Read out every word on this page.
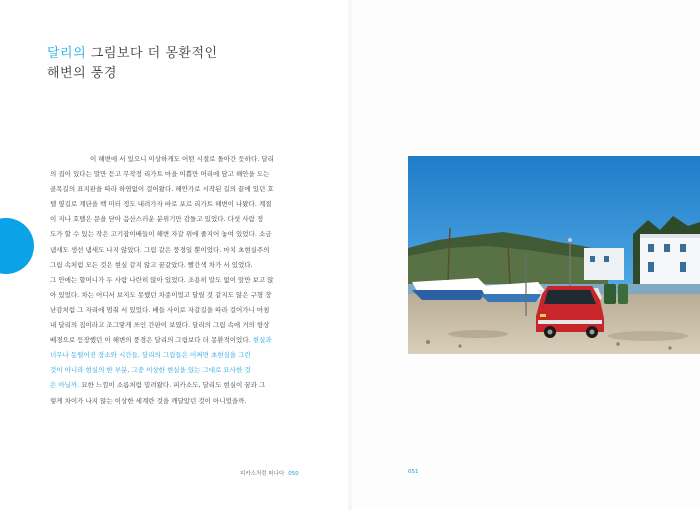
달리의 그림보다 더 몽환적인
해변의 풍경
이 해변에 서 있으니 이상하게도 어떤 시절로 돌아간 듯하다. 달리
의 집이 있다는 말만 듣고 무작정 리가트 마을 이쁨만 머리에 담고 해안을 도는
골목길의 표지판을 따라 하염없이 걸어왔다. 해안가로 시작된 길의 끝에 있던 호
텔 옆길로 계단을 백 미터 정도 내려가자 바로 포르 리가트 해변이 나왔다. 계절
이 지나 호텔은 문을 닫아 음산스러운 분위기만 감돌고 있었다. 다섯 사람 정
도가 할 수 있는 작은 고기잡이배들이 해변 자갈 위에 줄지어 놓여 있었다. 소금
냄새도 생선 냄새도 나지 않았다. 그림 같은 풍경일 뿐이었다. 마치 초현실주의
그림 속처럼 모든 것은 현실 같지 않고 꿈같았다. 빨간색 차가 서 있었다.
그 안에는 할머니가 두 사람 나란히 앉아 있었다. 조용히 말도 없이 앞만 보고 앉
아 있었다. 차는 어디서 보지도 못했던 차종이었고 달릴 것 같지도 않은 구형 장
난감처럼 그 자리에 멈춰 서 있었다. 배들 사이로 자갈길을 따라 걸어가니 마침
내 달리의 집이라고 조그맣게 쓰인 간판이 보였다. 달리의 그림 속에 거의 항상
배경으로 등장했던 이 해변의 풍경은 달리의 그림보다 더 몽환적이었다. 현실과
너무나 동떨어진 장소와 시간들, 달리의 그림들은 어쩌면 초현실을 그린
것이 아니라 현실의 한 부분, 그중 이상한 현실을 있는 그대로 묘사한 것
은 아닐까. 묘한 느낌이 소름처럼 밀려왔다. 피카소도, 달리도 현실이 꿈과 그
렇게 차이가 나지 않는 이상한 세계란 것을 깨달았던 것이 아니었을까.
피카소처럼 떠나다 050	051
